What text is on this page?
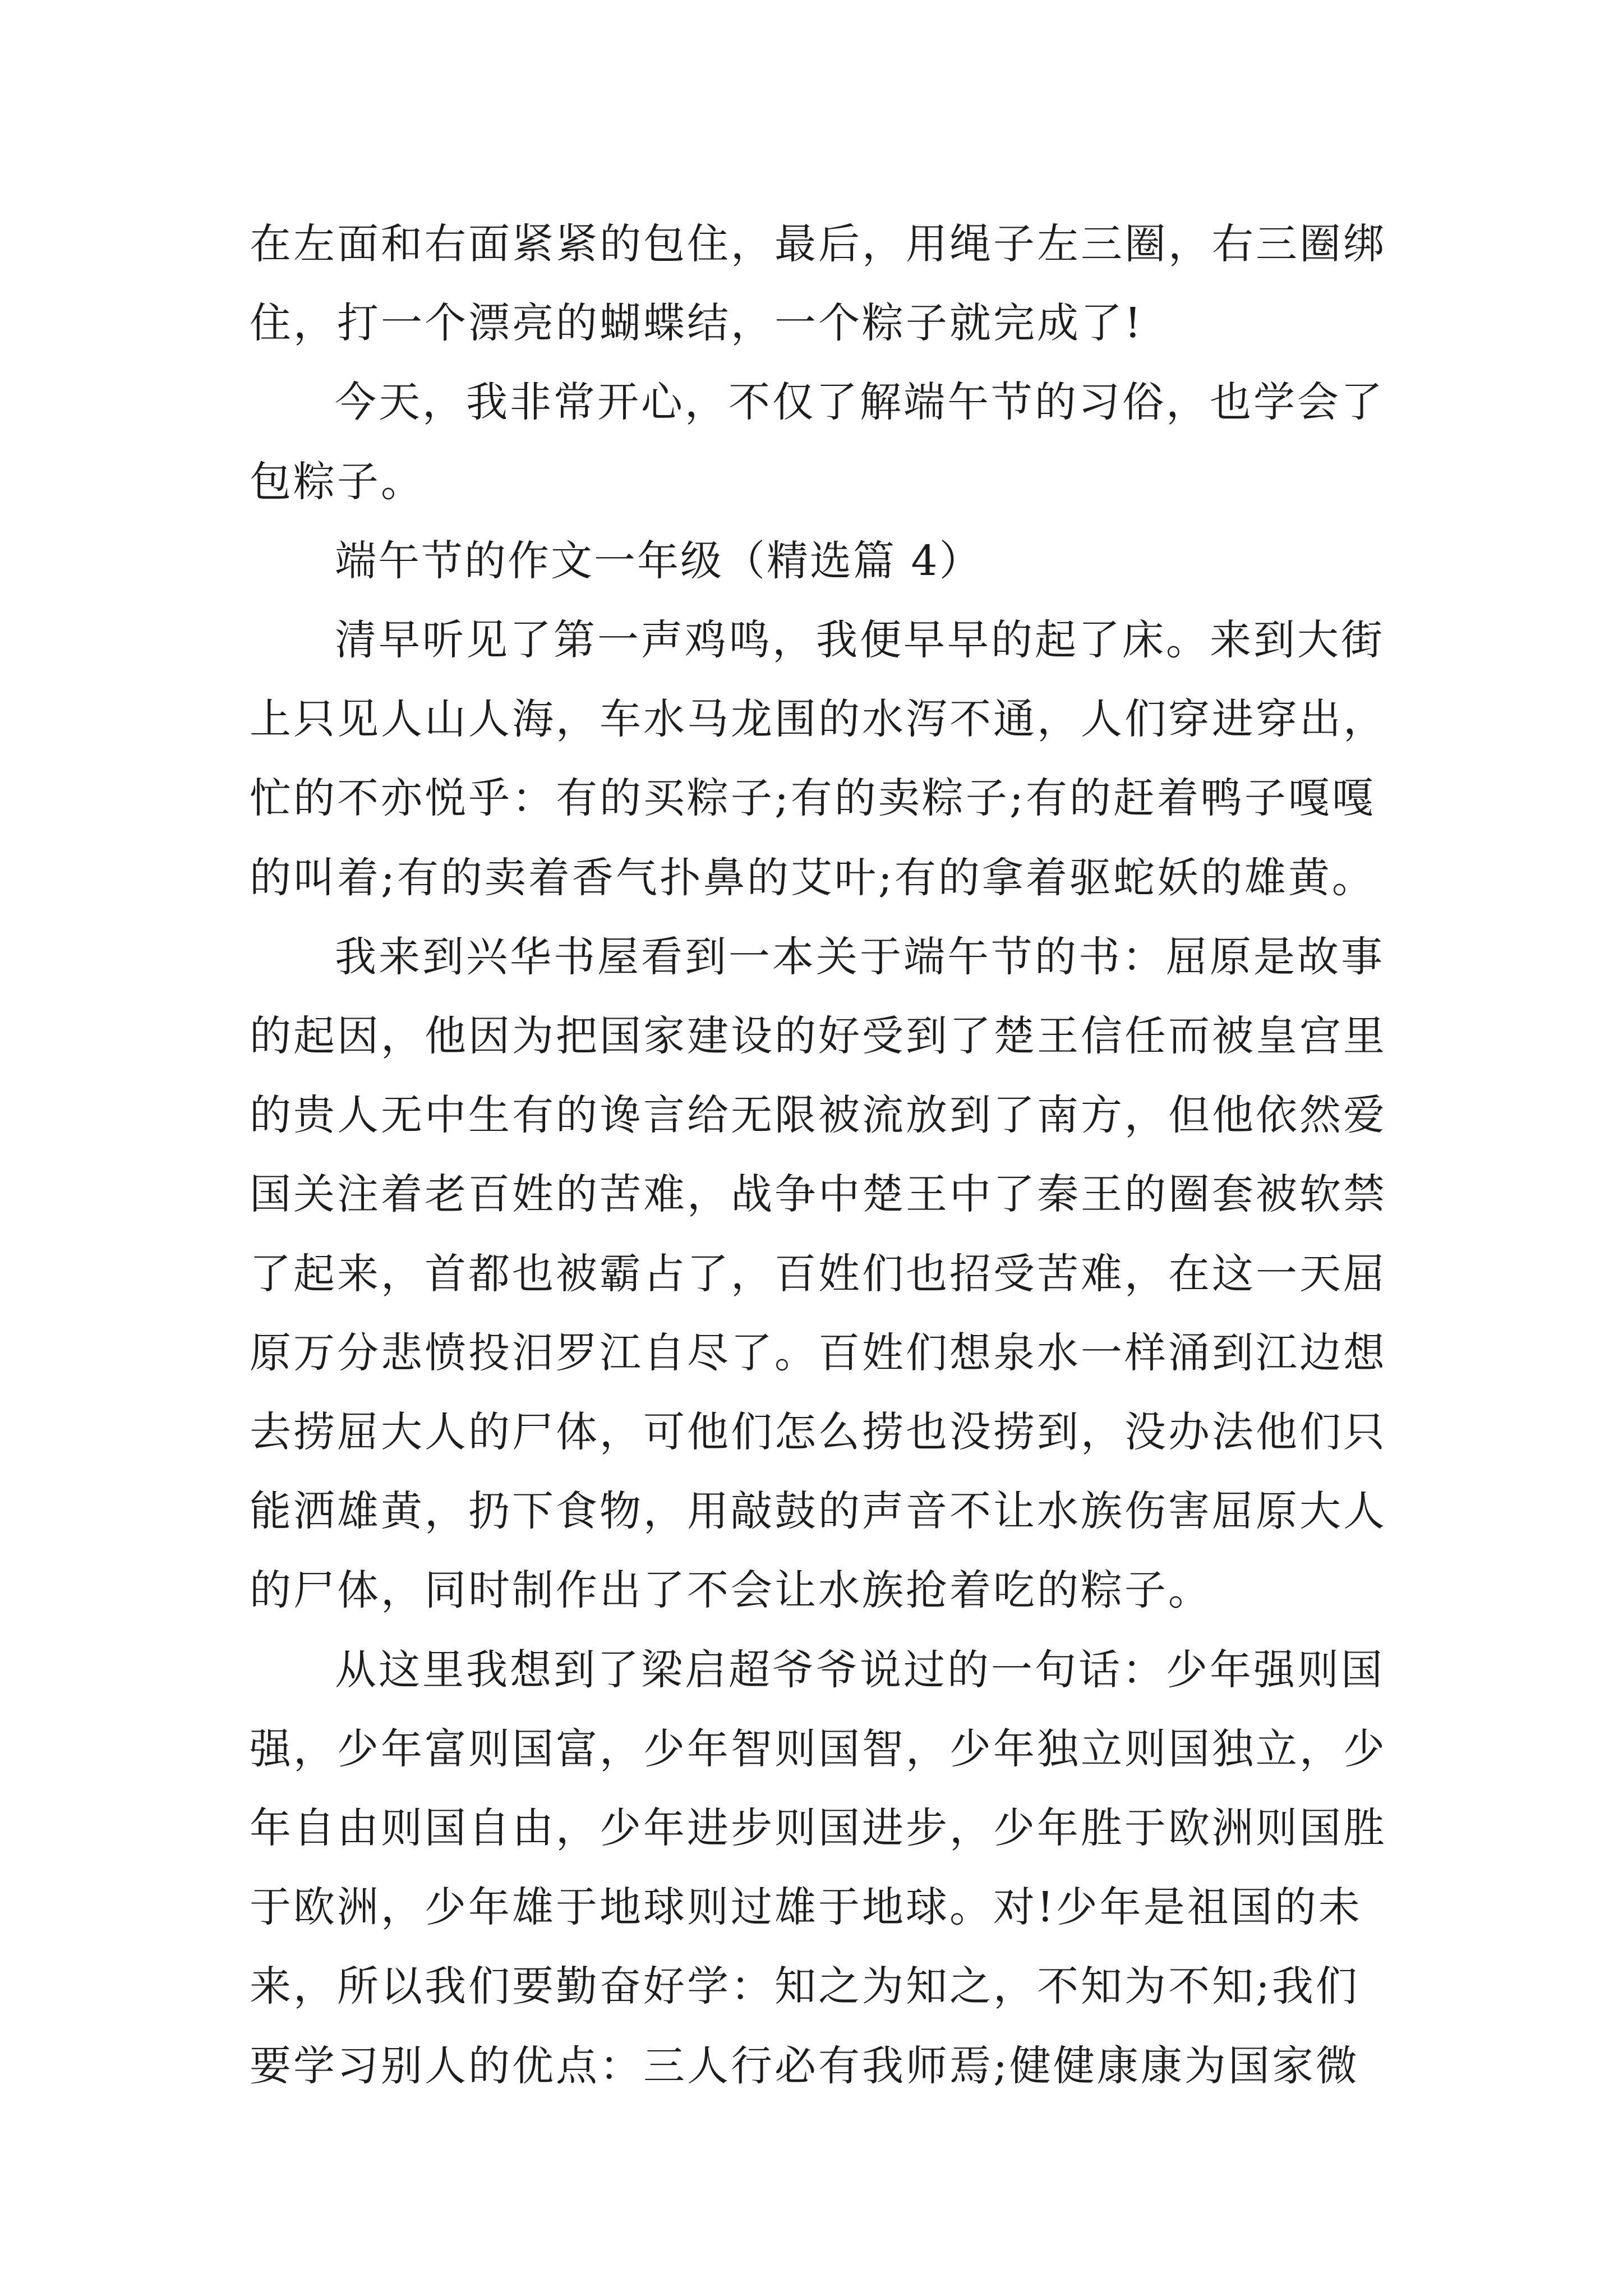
在左面和右面紧紧的包住，最后，用绳子左三圈，右三圈绑
住，打一个漂亮的蝴蝶结，一个粽子就完成了!

今天，我非常开心，不仅了解端午节的习俗，也学会了
包粽子。

端午节的作文一年级（精选篇 4）

清早听见了第一声鸡鸣，我便早早的起了床。来到大街
上只见人山人海，车水马龙围的水泻不通，人们穿进穿出，
忙的不亦悦乎：有的买粽子;有的卖粽子;有的赶着鸭子嘎嘎
的叫着;有的卖着香气扑鼻的艾叶;有的拿着驱蛇妖的雄黄。

我来到兴华书屋看到一本关于端午节的书：屈原是故事
的起因，他因为把国家建设的好受到了楚王信任而被皇宫里
的贵人无中生有的谗言给无限被流放到了南方，但他依然爱
国关注着老百姓的苦难，战争中楚王中了秦王的圈套被软禁
了起来，首都也被霸占了，百姓们也招受苦难，在这一天屈
原万分悲愤投汨罗江自尽了。百姓们想泉水一样涌到江边想
去捞屈大人的尸体，可他们怎么捞也没捞到，没办法他们只
能洒雄黄，扔下食物，用敲鼓的声音不让水族伤害屈原大人
的尸体，同时制作出了不会让水族抢着吃的粽子。

从这里我想到了梁启超爷爷说过的一句话：少年强则国
强，少年富则国富，少年智则国智，少年独立则国独立，少
年自由则国自由，少年进步则国进步，少年胜于欧洲则国胜
于欧洲，少年雄于地球则过雄于地球。对!少年是祖国的未
来，所以我们要勤奋好学：知之为知之，不知为不知;我们
要学习别人的优点：三人行必有我师焉;健健康康为国家微
